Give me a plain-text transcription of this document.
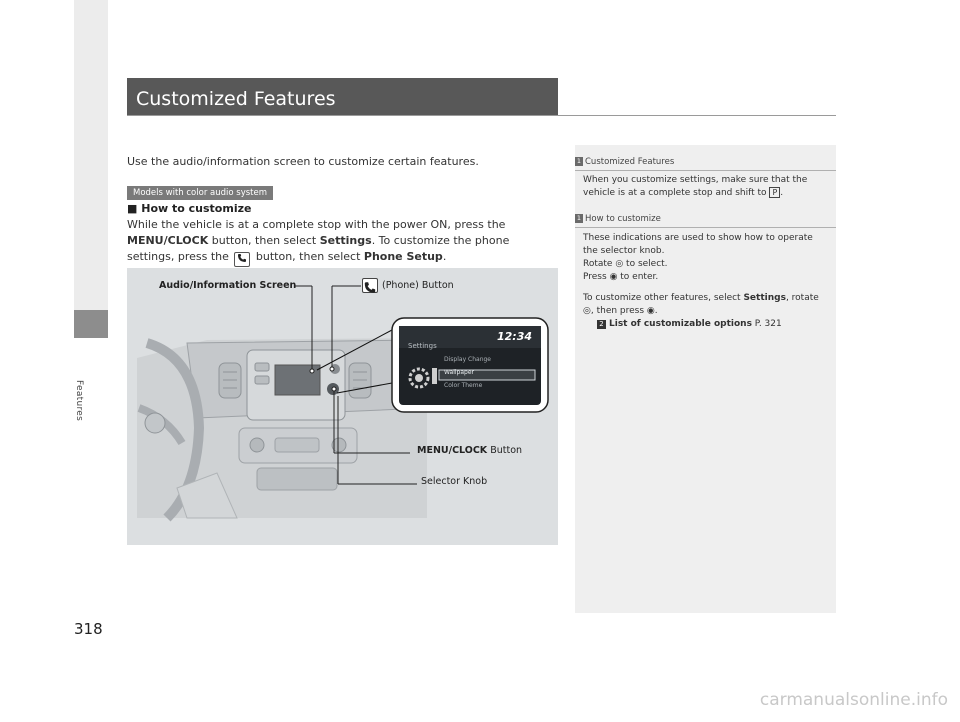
Features
318
Customized Features
Use the audio/information screen to customize certain features.
Models with color audio system
■ How to customize
While the vehicle is at a complete stop with the power ON, press the MENU/CLOCK button, then select Settings. To customize the phone settings, press the  button, then select Phone Setup.
Audio/Information Screen	(Phone) Button
MENU/CLOCK Button
Selector Knob
12:34
Settings
Display Change
Wallpaper
Color Theme
1 Customized Features

When you customize settings, make sure that the vehicle is at a complete stop and shift to P .

1 How to customize

These indications are used to show how to operate the selector knob.

Rotate ◎ to select.

Press ◉ to enter.

To customize other features, select Settings, rotate ◎, then press ◉.

2 List of customizable options P. 321

carmanualsonline.info
